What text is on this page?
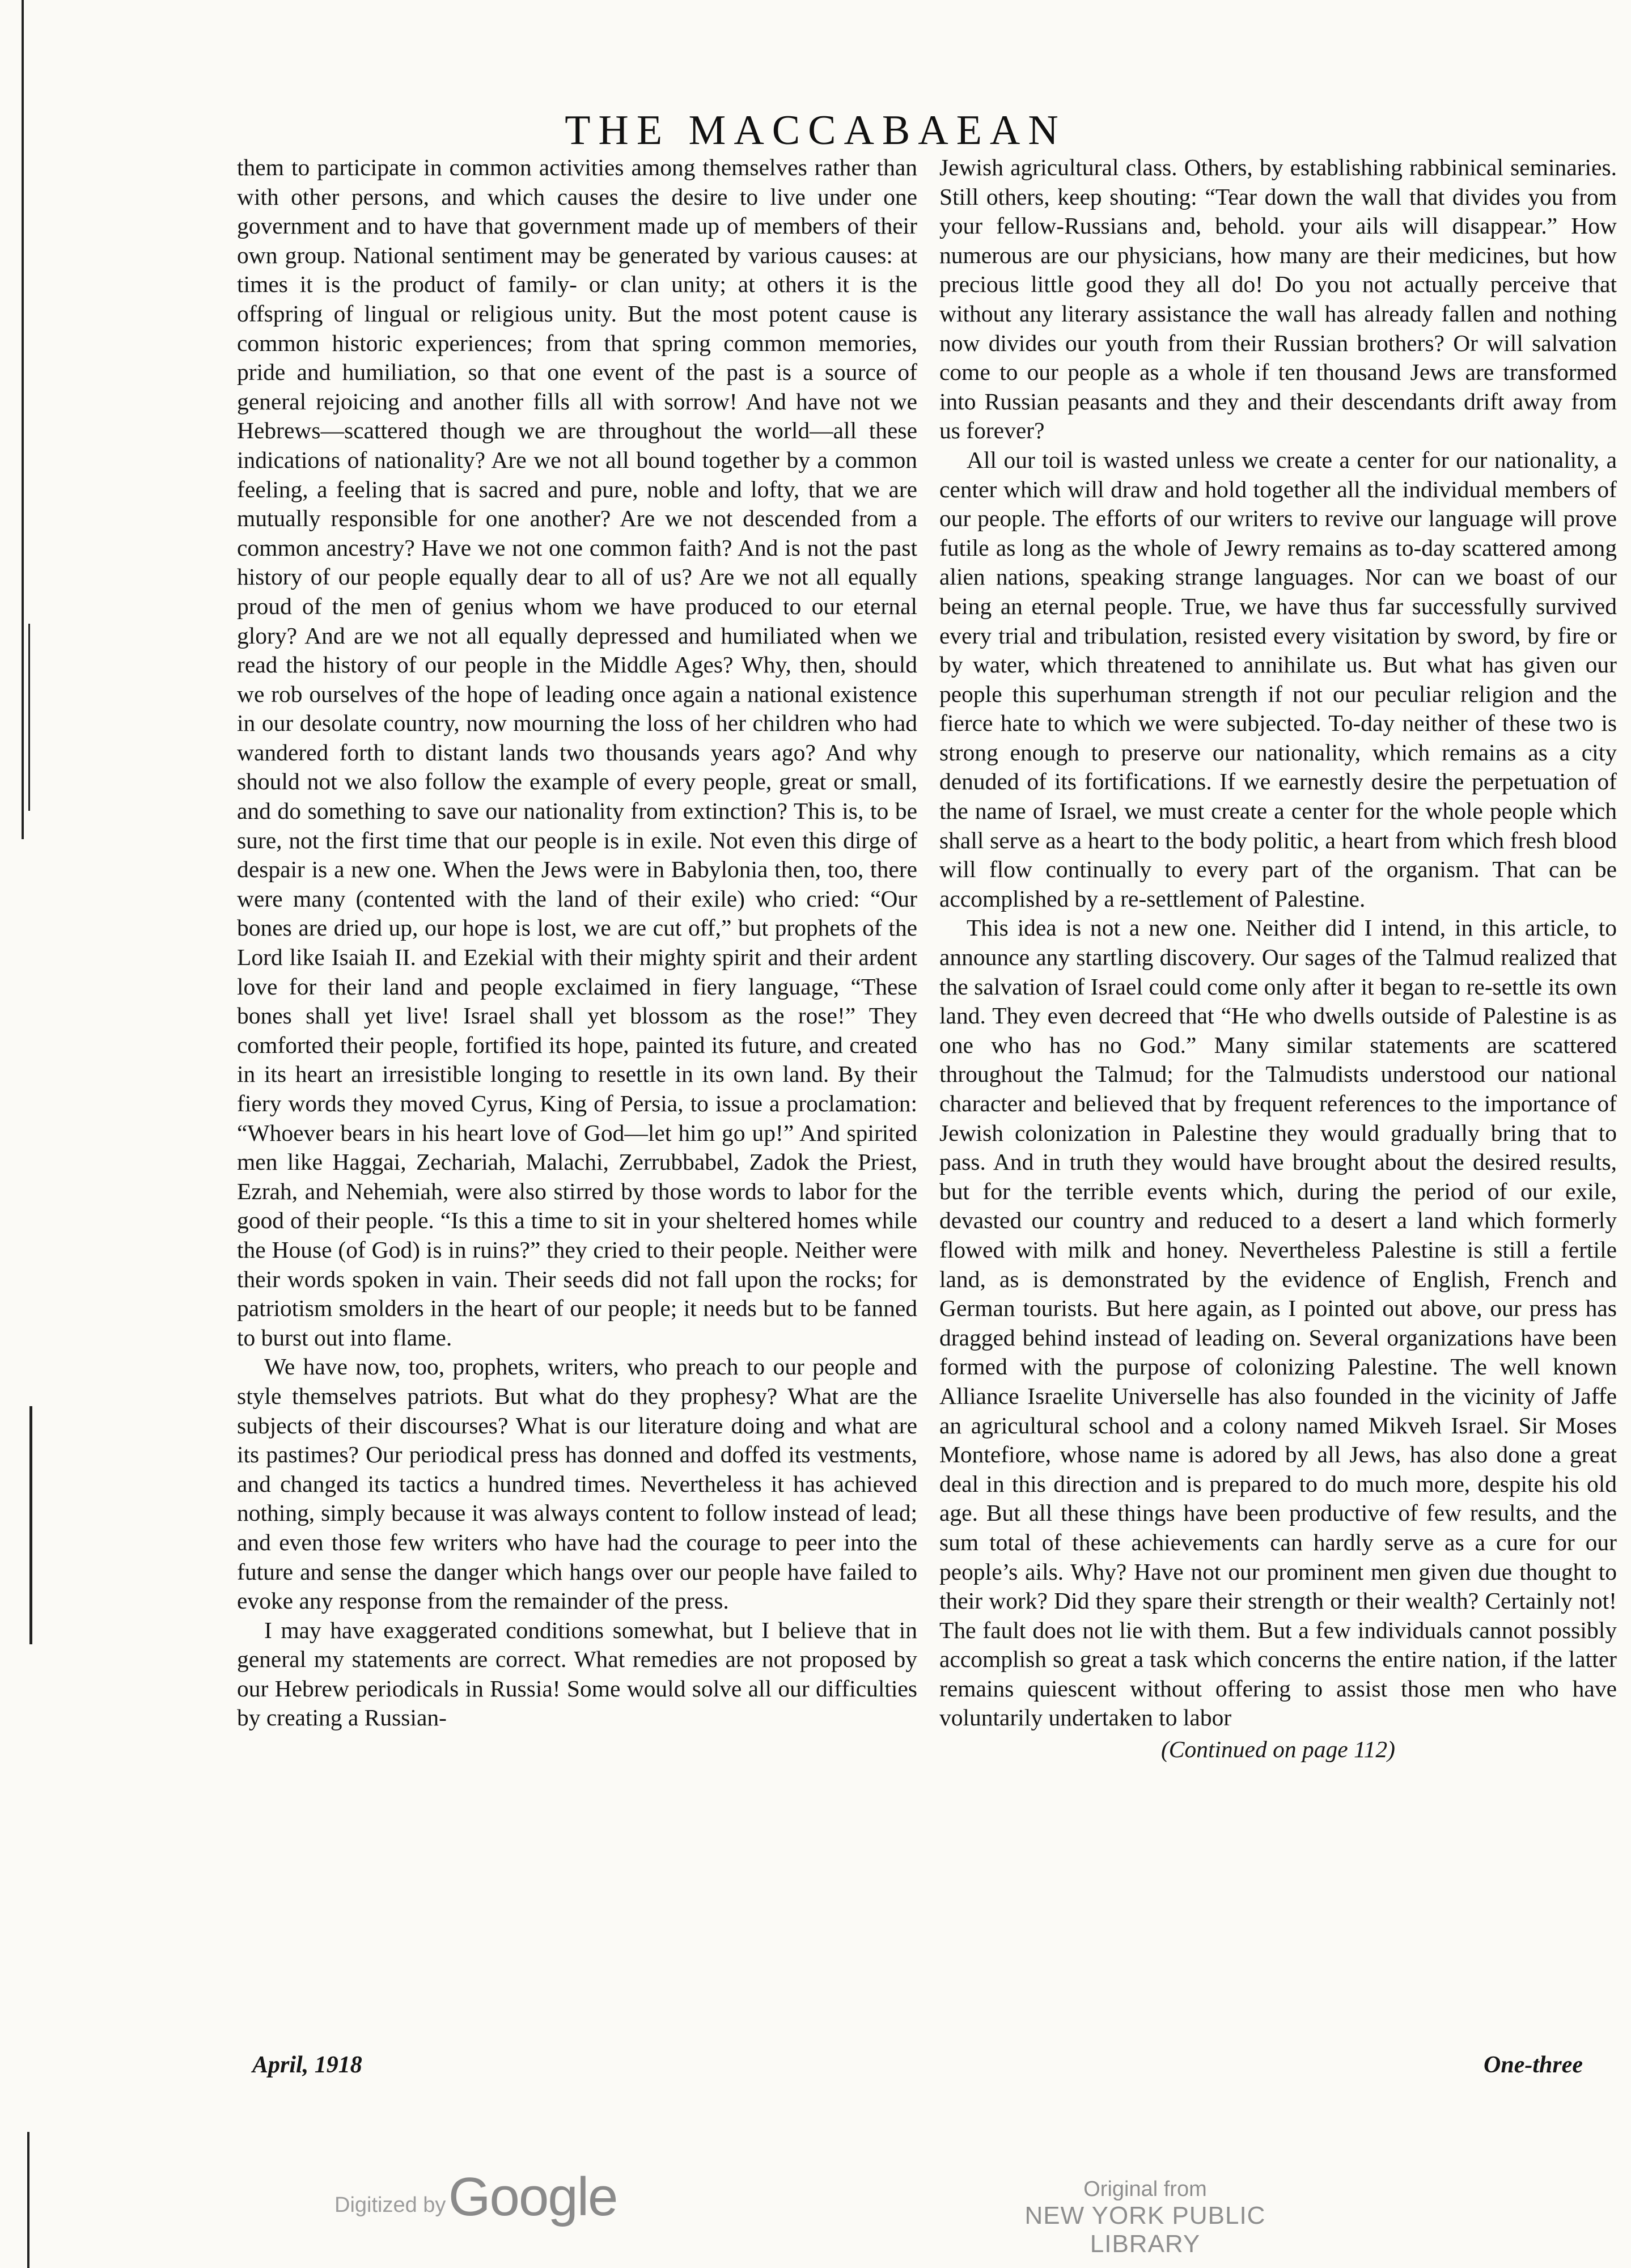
THE MACCABAEAN

them to participate in common activities among themselves rather than with other persons, and which causes the desire to live under one government and to have that government made up of members of their own group. National sentiment may be generated by various causes: at times it is the product of family- or clan unity; at others it is the offspring of lingual or religious unity. But the most potent cause is common historic experiences; from that spring common memories, pride and humiliation, so that one event of the past is a source of general rejoicing and another fills all with sorrow! And have not we Hebrews—scattered though we are throughout the world—all these indications of nationality? Are we not all bound together by a common feeling, a feeling that is sacred and pure, noble and lofty, that we are mutually responsible for one another? Are we not descended from a common ancestry? Have we not one common faith? And is not the past history of our people equally dear to all of us? Are we not all equally proud of the men of genius whom we have produced to our eternal glory? And are we not all equally depressed and humiliated when we read the history of our people in the Middle Ages? Why, then, should we rob ourselves of the hope of leading once again a national existence in our desolate country, now mourning the loss of her children who had wandered forth to distant lands two thousands years ago? And why should not we also follow the example of every people, great or small, and do something to save our nationality from extinction? This is, to be sure, not the first time that our people is in exile. Not even this dirge of despair is a new one. When the Jews were in Babylonia then, too, there were many (contented with the land of their exile) who cried: “Our bones are dried up, our hope is lost, we are cut off,” but prophets of the Lord like Isaiah II. and Ezekial with their mighty spirit and their ardent love for their land and people exclaimed in fiery language, “These bones shall yet live! Israel shall yet blossom as the rose!” They comforted their people, fortified its hope, painted its future, and created in its heart an irresistible longing to resettle in its own land. By their fiery words they moved Cyrus, King of Persia, to issue a proclamation: “Whoever bears in his heart love of God—let him go up!” And spirited men like Haggai, Zechariah, Malachi, Zerrubbabel, Zadok the Priest, Ezrah, and Nehemiah, were also stirred by those words to labor for the good of their people. “Is this a time to sit in your sheltered homes while the House (of God) is in ruins?” they cried to their people. Neither were their words spoken in vain. Their seeds did not fall upon the rocks; for patriotism smolders in the heart of our people; it needs but to be fanned to burst out into flame.

We have now, too, prophets, writers, who preach to our people and style themselves patriots. But what do they prophesy? What are the subjects of their discourses? What is our literature doing and what are its pastimes? Our periodical press has donned and doffed its vestments, and changed its tactics a hundred times. Nevertheless it has achieved nothing, simply because it was always content to follow instead of lead; and even those few writers who have had the courage to peer into the future and sense the danger which hangs over our people have failed to evoke any response from the remainder of the press.

I may have exaggerated conditions somewhat, but I believe that in general my statements are correct. What remedies are not proposed by our Hebrew periodicals in Russia! Some would solve all our difficulties by creating a Russian-

Jewish agricultural class. Others, by establishing rabbinical seminaries. Still others, keep shouting: “Tear down the wall that divides you from your fellow-Russians and, behold. your ails will disappear.” How numerous are our physicians, how many are their medicines, but how precious little good they all do! Do you not actually perceive that without any literary assistance the wall has already fallen and nothing now divides our youth from their Russian brothers? Or will salvation come to our people as a whole if ten thousand Jews are transformed into Russian peasants and they and their descendants drift away from us forever?

All our toil is wasted unless we create a center for our nationality, a center which will draw and hold together all the individual members of our people. The efforts of our writers to revive our language will prove futile as long as the whole of Jewry remains as to-day scattered among alien nations, speaking strange languages. Nor can we boast of our being an eternal people. True, we have thus far successfully survived every trial and tribulation, resisted every visitation by sword, by fire or by water, which threatened to annihilate us. But what has given our people this superhuman strength if not our peculiar religion and the fierce hate to which we were subjected. To-day neither of these two is strong enough to preserve our nationality, which remains as a city denuded of its fortifications. If we earnestly desire the perpetuation of the name of Israel, we must create a center for the whole people which shall serve as a heart to the body politic, a heart from which fresh blood will flow continually to every part of the organism. That can be accomplished by a re-settlement of Palestine.

This idea is not a new one. Neither did I intend, in this article, to announce any startling discovery. Our sages of the Talmud realized that the salvation of Israel could come only after it began to re-settle its own land. They even decreed that “He who dwells outside of Palestine is as one who has no God.” Many similar statements are scattered throughout the Talmud; for the Talmudists understood our national character and believed that by frequent references to the importance of Jewish colonization in Palestine they would gradually bring that to pass. And in truth they would have brought about the desired results, but for the terrible events which, during the period of our exile, devasted our country and reduced to a desert a land which formerly flowed with milk and honey. Nevertheless Palestine is still a fertile land, as is demonstrated by the evidence of English, French and German tourists. But here again, as I pointed out above, our press has dragged behind instead of leading on. Several organizations have been formed with the purpose of colonizing Palestine. The well known Alliance Israelite Universelle has also founded in the vicinity of Jaffe an agricultural school and a colony named Mikveh Israel. Sir Moses Montefiore, whose name is adored by all Jews, has also done a great deal in this direction and is prepared to do much more, despite his old age. But all these things have been productive of few results, and the sum total of these achievements can hardly serve as a cure for our people’s ails. Why? Have not our prominent men given due thought to their work? Did they spare their strength or their wealth? Certainly not! The fault does not lie with them. But a few individuals cannot possibly accomplish so great a task which concerns the entire nation, if the latter remains quiescent without offering to assist those men who have voluntarily undertaken to labor

(Continued on page 112)
April, 1918	One-three
Digitized by Google	Original from
NEW YORK PUBLIC LIBRARY
